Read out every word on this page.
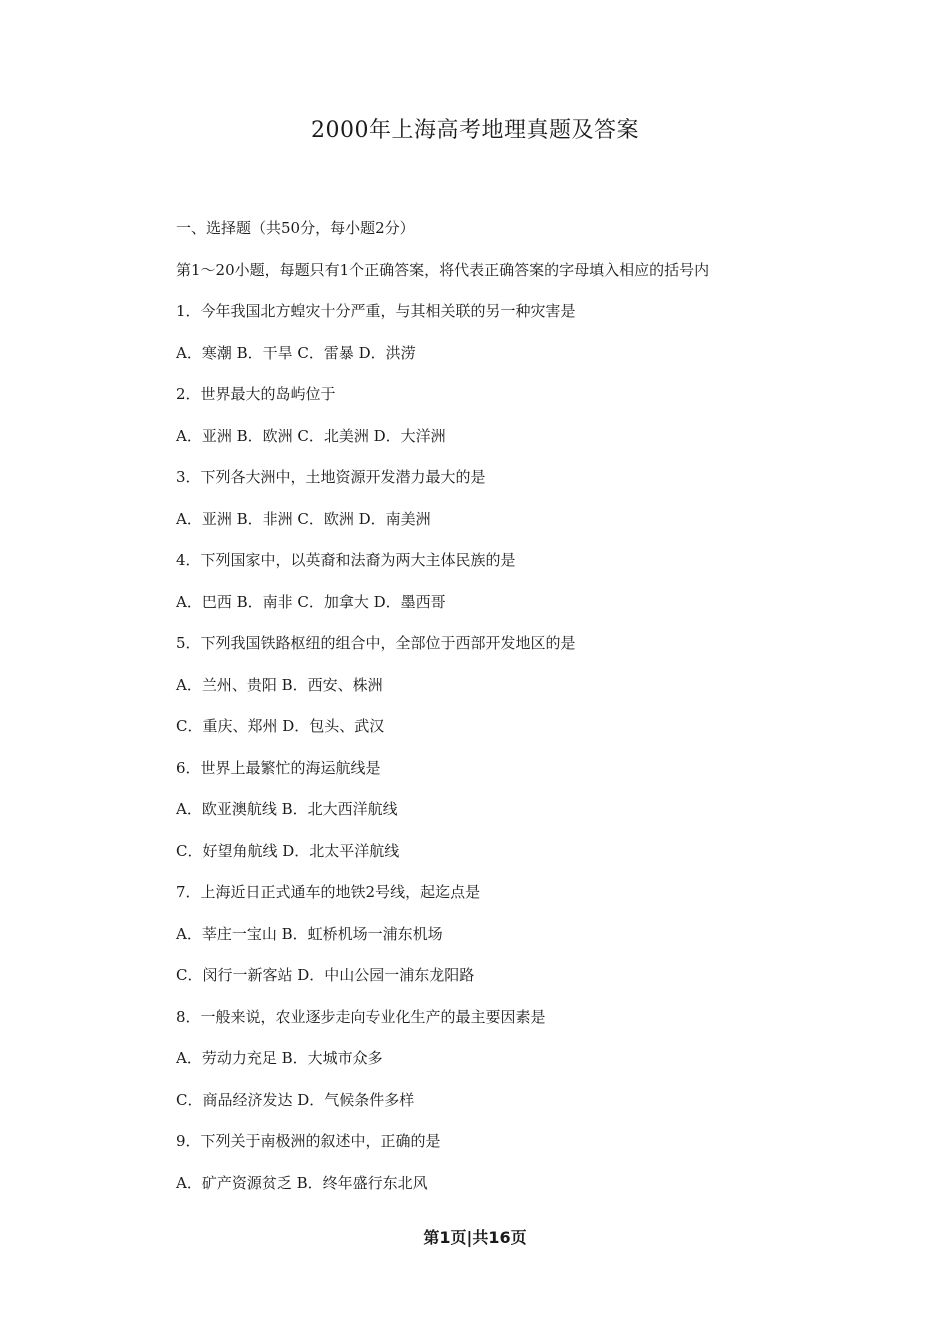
2000年上海高考地理真题及答案
一、选择题（共50分，每小题2分）
第1～20小题，每题只有1个正确答案，将代表正确答案的字母填入相应的括号内
1．今年我国北方蝗灾十分严重，与其相关联的另一种灾害是
A．寒潮 B．干旱 C．雷暴 D．洪涝
2．世界最大的岛屿位于
A．亚洲 B．欧洲 C．北美洲 D．大洋洲
3．下列各大洲中，土地资源开发潜力最大的是
A．亚洲 B．非洲 C．欧洲 D．南美洲
4．下列国家中，以英裔和法裔为两大主体民族的是
A．巴西 B．南非 C．加拿大 D．墨西哥
5．下列我国铁路枢纽的组合中，全部位于西部开发地区的是
A．兰州、贵阳 B．西安、株洲
C．重庆、郑州 D．包头、武汉
6．世界上最繁忙的海运航线是
A．欧亚澳航线 B．北大西洋航线
C．好望角航线 D．北太平洋航线
7．上海近日正式通车的地铁2号线，起迄点是
A．莘庄一宝山 B．虹桥机场一浦东机场
C．闵行一新客站 D．中山公园一浦东龙阳路
8．一般来说，农业逐步走向专业化生产的最主要因素是
A．劳动力充足 B．大城市众多
C．商品经济发达 D．气候条件多样
9．下列关于南极洲的叙述中，正确的是
A．矿产资源贫乏 B．终年盛行东北风
第1页|共16页
